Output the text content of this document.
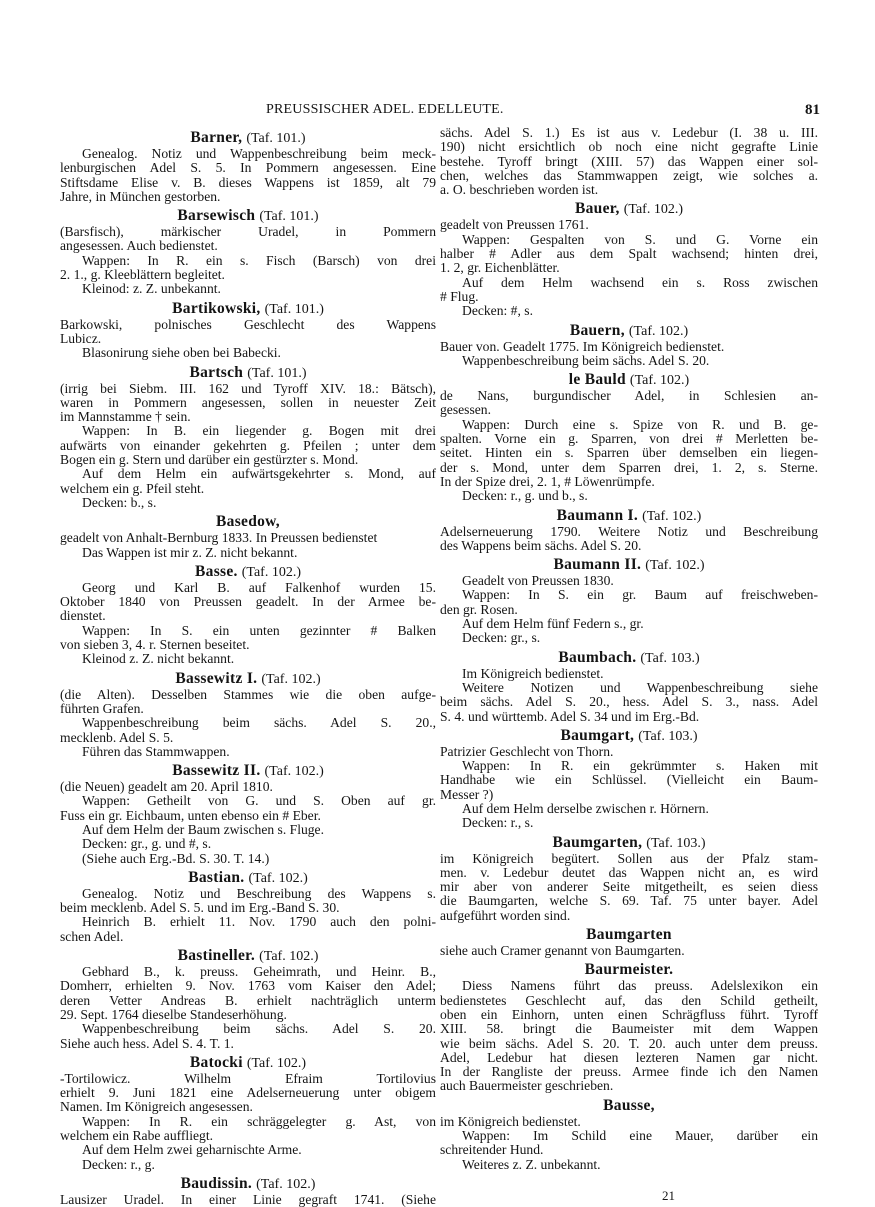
PREUSSISCHER ADEL. EDELLEUTE.	81
Barner, (Taf. 101.)
Genealog. Notiz und Wappenbeschreibung beim meck-
lenburgischen Adel S. 5. In Pommern angesessen. Eine
Stiftsdame Elise v. B. dieses Wappens ist 1859, alt 79
Jahre, in München gestorben.
Barsewisch (Taf. 101.)
(Barsfisch), märkischer Uradel, in Pommern
angesessen. Auch bedienstet.
Wappen: In R. ein s. Fisch (Barsch) von drei
2. 1., g. Kleeblättern begleitet.
Kleinod: z. Z. unbekannt.
Bartikowski, (Taf. 101.)
Barkowski, polnisches Geschlecht des Wappens
Lubicz.
Blasonirung siehe oben bei Babecki.
Bartsch (Taf. 101.)
(irrig bei Siebm. III. 162 und Tyroff XIV. 18.: Bätsch),
waren in Pommern angesessen, sollen in neuester Zeit
im Mannstamme † sein.
Wappen: In B. ein liegender g. Bogen mit drei
aufwärts von einander gekehrten g. Pfeilen ; unter dem
Bogen ein g. Stern und darüber ein gestürzter s. Mond.
Auf dem Helm ein aufwärtsgekehrter s. Mond, auf
welchem ein g. Pfeil steht.
Decken: b., s.
Basedow,
geadelt von Anhalt-Bernburg 1833. In Preussen bedienstet
Das Wappen ist mir z. Z. nicht bekannt.
Basse. (Taf. 102.)
Georg und Karl B. auf Falkenhof wurden 15.
Oktober 1840 von Preussen geadelt. In der Armee be-
dienstet.
Wappen: In S. ein unten gezinnter # Balken
von sieben 3, 4. r. Sternen beseitet.
Kleinod z. Z. nicht bekannt.
Bassewitz I. (Taf. 102.)
(die Alten). Desselben Stammes wie die oben aufge-
führten Grafen.
Wappenbeschreibung beim sächs. Adel S. 20.,
mecklenb. Adel S. 5.
Führen das Stammwappen.
Bassewitz II. (Taf. 102.)
(die Neuen) geadelt am 20. April 1810.
Wappen: Getheilt von G. und S. Oben auf gr.
Fuss ein gr. Eichbaum, unten ebenso ein # Eber.
Auf dem Helm der Baum zwischen s. Fluge.
Decken: gr., g. und #, s.
(Siehe auch Erg.-Bd. S. 30. T. 14.)
Bastian. (Taf. 102.)
Genealog. Notiz und Beschreibung des Wappens s.
beim mecklenb. Adel S. 5. und im Erg.-Band S. 30.
Heinrich B. erhielt 11. Nov. 1790 auch den polni-
schen Adel.
Bastineller. (Taf. 102.)
Gebhard B., k. preuss. Geheimrath, und Heinr. B.,
Domherr, erhielten 9. Nov. 1763 vom Kaiser den Adel;
deren Vetter Andreas B. erhielt nachträglich unterm
29. Sept. 1764 dieselbe Standeserhöhung.
Wappenbeschreibung beim sächs. Adel S. 20.
Siehe auch hess. Adel S. 4. T. 1.
Batocki (Taf. 102.)
-Tortilowicz. Wilhelm Efraim Tortilovius
erhielt 9. Juni 1821 eine Adelserneuerung unter obigem
Namen. Im Königreich angesessen.
Wappen: In R. ein schräggelegter g. Ast, von
welchem ein Rabe auffliegt.
Auf dem Helm zwei geharnischte Arme.
Decken: r., g.
Baudissin. (Taf. 102.)
Lausizer Uradel. In einer Linie gegraft 1741. (Siehe
sächs. Adel S. 1.) Es ist aus v. Ledebur (I. 38 u. III.
190) nicht ersichtlich ob noch eine nicht gegrafte Linie
bestehe. Tyroff bringt (XIII. 57) das Wappen einer sol-
chen, welches das Stammwappen zeigt, wie solches a.
a. O. beschrieben worden ist.
Bauer, (Taf. 102.)
geadelt von Preussen 1761.
Wappen: Gespalten von S. und G. Vorne ein
halber # Adler aus dem Spalt wachsend; hinten drei,
1. 2, gr. Eichenblätter.
Auf dem Helm wachsend ein s. Ross zwischen
# Flug.
Decken: #, s.
Bauern, (Taf. 102.)
Bauer von. Geadelt 1775. Im Königreich bedienstet.
Wappenbeschreibung beim sächs. Adel S. 20.
le Bauld (Taf. 102.)
de Nans, burgundischer Adel, in Schlesien an-
gesessen.
Wappen: Durch eine s. Spize von R. und B. ge-
spalten. Vorne ein g. Sparren, von drei # Merletten be-
seitet. Hinten ein s. Sparren über demselben ein liegen-
der s. Mond, unter dem Sparren drei, 1. 2, s. Sterne.
In der Spize drei, 2. 1, # Löwenrümpfe.
Decken: r., g. und b., s.
Baumann I. (Taf. 102.)
Adelserneuerung 1790. Weitere Notiz und Beschreibung
des Wappens beim sächs. Adel S. 20.
Baumann II. (Taf. 102.)
Geadelt von Preussen 1830.
Wappen: In S. ein gr. Baum auf freischweben-
den gr. Rosen.
Auf dem Helm fünf Federn s., gr.
Decken: gr., s.
Baumbach. (Taf. 103.)
Im Königreich bedienstet.
Weitere Notizen und Wappenbeschreibung siehe
beim sächs. Adel S. 20., hess. Adel S. 3., nass. Adel
S. 4. und württemb. Adel S. 34 und im Erg.-Bd.
Baumgart, (Taf. 103.)
Patrizier Geschlecht von Thorn.
Wappen: In R. ein gekrümmter s. Haken mit
Handhabe wie ein Schlüssel. (Vielleicht ein Baum-
Messer ?)
Auf dem Helm derselbe zwischen r. Hörnern.
Decken: r., s.
Baumgarten, (Taf. 103.)
im Königreich begütert. Sollen aus der Pfalz stam-
men. v. Ledebur deutet das Wappen nicht an, es wird
mir aber von anderer Seite mitgetheilt, es seien diess
die Baumgarten, welche S. 69. Taf. 75 unter bayer. Adel
aufgeführt worden sind.
Baumgarten
siehe auch Cramer genannt von Baumgarten.
Baurmeister.
Diess Namens führt das preuss. Adelslexikon ein
bedienstetes Geschlecht auf, das den Schild getheilt,
oben ein Einhorn, unten einen Schrägfluss führt. Tyroff
XIII. 58. bringt die Baumeister mit dem Wappen
wie beim sächs. Adel S. 20. T. 20. auch unter dem preuss.
Adel, Ledebur hat diesen lezteren Namen gar nicht.
In der Rangliste der preuss. Armee finde ich den Namen
auch Bauermeister geschrieben.
Bausse,
im Königreich bedienstet.
Wappen: Im Schild eine Mauer, darüber ein
schreitender Hund.
Weiteres z. Z. unbekannt.
21
